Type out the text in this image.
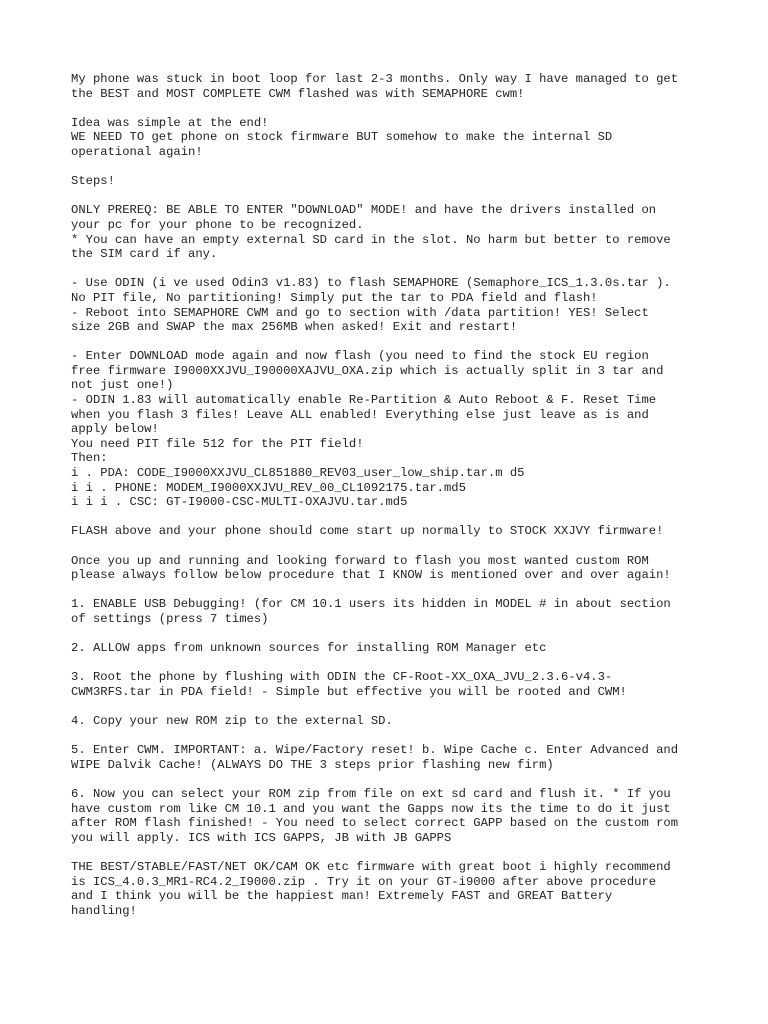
My phone was stuck in boot loop for last 2-3 months. Only way I have managed to get
the BEST and MOST COMPLETE CWM flashed was with SEMAPHORE cwm!
Idea was simple at the end!
WE NEED TO get phone on stock firmware BUT somehow to make the internal SD
operational again!
Steps!
ONLY PREREQ: BE ABLE TO ENTER "DOWNLOAD" MODE! and have the drivers installed on
your pc for your phone to be recognized.
* You can have an empty external SD card in the slot. No harm but better to remove
the SIM card if any.
- Use ODIN (i ve used Odin3 v1.83) to flash SEMAPHORE (Semaphore_ICS_1.3.0s.tar ).
No PIT file, No partitioning! Simply put the tar to PDA field and flash!
- Reboot into SEMAPHORE CWM and go to section with /data partition! YES! Select
size 2GB and SWAP the max 256MB when asked! Exit and restart!
- Enter DOWNLOAD mode again and now flash (you need to find the stock EU region
free firmware I9000XXJVU_I90000XAJVU_OXA.zip which is actually split in 3 tar and
not just one!)
- ODIN 1.83 will automatically enable Re-Partition & Auto Reboot & F. Reset Time
when you flash 3 files! Leave ALL enabled! Everything else just leave as is and
apply below!
You need PIT file 512 for the PIT field!
Then:
i . PDA: CODE_I9000XXJVU_CL851880_REV03_user_low_ship.tar.m d5
i i . PHONE: MODEM_I9000XXJVU_REV_00_CL1092175.tar.md5
i i i . CSC: GT-I9000-CSC-MULTI-OXAJVU.tar.md5
FLASH above and your phone should come start up normally to STOCK XXJVY firmware!
Once you up and running and looking forward to flash you most wanted custom ROM
please always follow below procedure that I KNOW is mentioned over and over again!
1. ENABLE USB Debugging! (for CM 10.1 users its hidden in MODEL # in about section
of settings (press 7 times)
2. ALLOW apps from unknown sources for installing ROM Manager etc
3. Root the phone by flushing with ODIN the CF-Root-XX_OXA_JVU_2.3.6-v4.3-
CWM3RFS.tar in PDA field! - Simple but effective you will be rooted and CWM!
4. Copy your new ROM zip to the external SD.
5. Enter CWM. IMPORTANT: a. Wipe/Factory reset! b. Wipe Cache c. Enter Advanced and
WIPE Dalvik Cache! (ALWAYS DO THE 3 steps prior flashing new firm)
6. Now you can select your ROM zip from file on ext sd card and flush it. * If you
have custom rom like CM 10.1 and you want the Gapps now its the time to do it just
after ROM flash finished! - You need to select correct GAPP based on the custom rom
you will apply. ICS with ICS GAPPS, JB with JB GAPPS
THE BEST/STABLE/FAST/NET OK/CAM OK etc firmware with great boot i highly recommend
is ICS_4.0.3_MR1-RC4.2_I9000.zip . Try it on your GT-i9000 after above procedure
and I think you will be the happiest man! Extremely FAST and GREAT Battery
handling!
